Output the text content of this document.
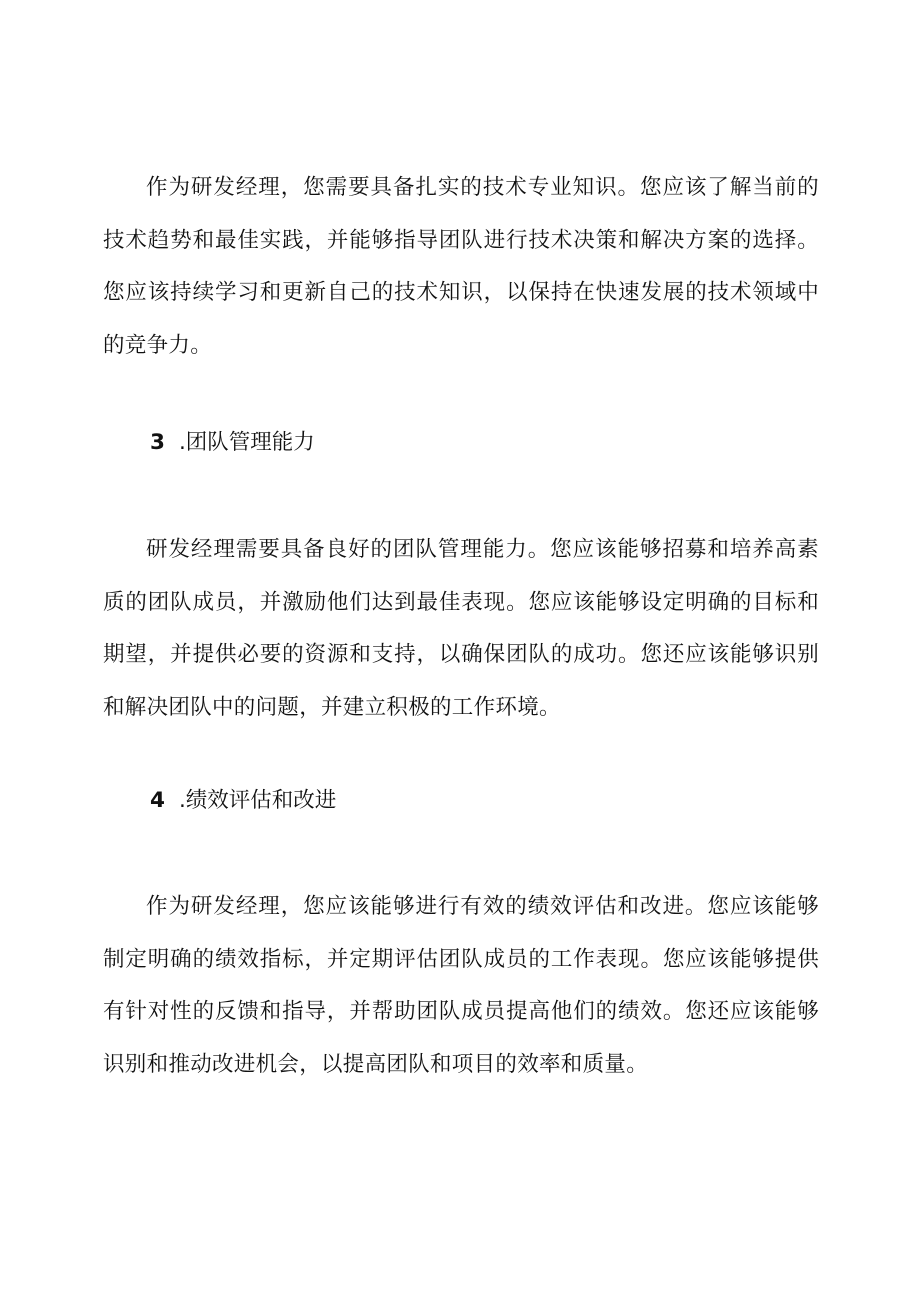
作为研发经理，您需要具备扎实的技术专业知识。您应该了解当前的技术趋势和最佳实践，并能够指导团队进行技术决策和解决方案的选择。您应该持续学习和更新自己的技术知识，以保持在快速发展的技术领域中的竞争力。

3 .团队管理能力

研发经理需要具备良好的团队管理能力。您应该能够招募和培养高素质的团队成员，并激励他们达到最佳表现。您应该能够设定明确的目标和期望，并提供必要的资源和支持，以确保团队的成功。您还应该能够识别和解决团队中的问题，并建立积极的工作环境。

4 .绩效评估和改进

作为研发经理，您应该能够进行有效的绩效评估和改进。您应该能够制定明确的绩效指标，并定期评估团队成员的工作表现。您应该能够提供有针对性的反馈和指导，并帮助团队成员提高他们的绩效。您还应该能够识别和推动改进机会，以提高团队和项目的效率和质量。
